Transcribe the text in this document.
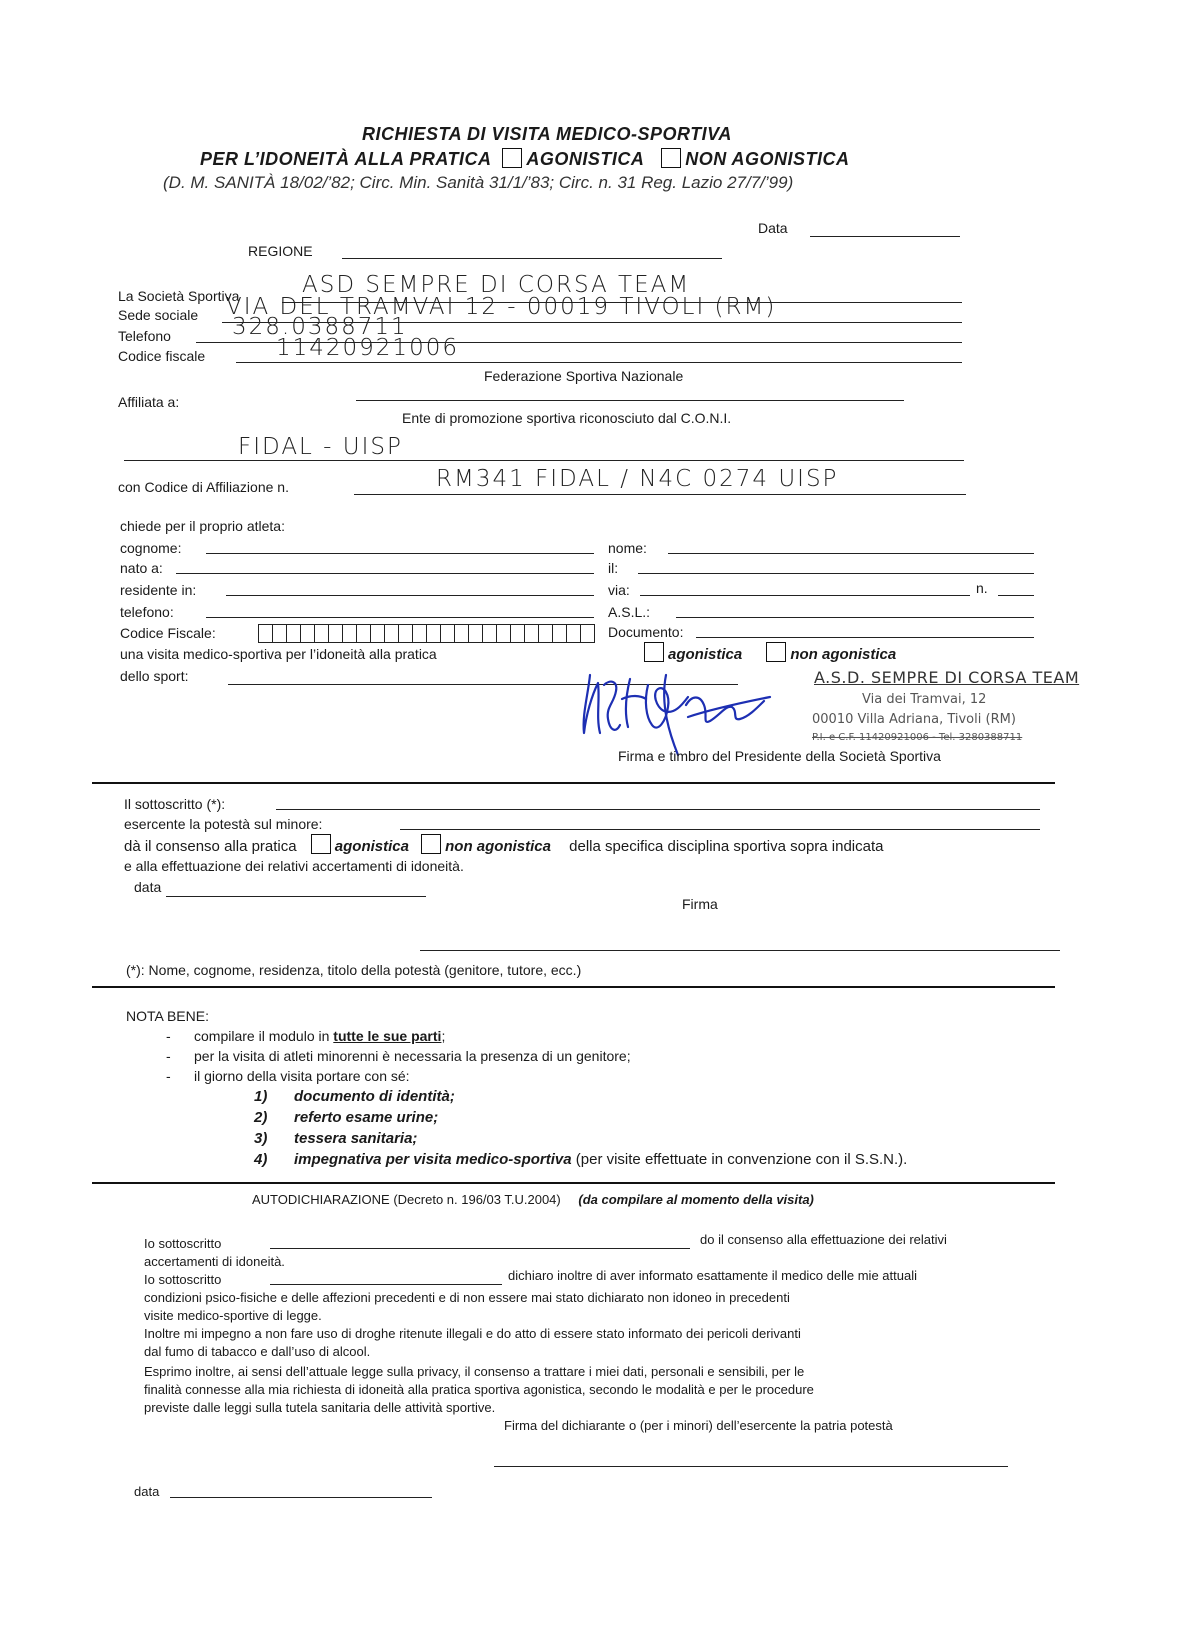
RICHIESTA DI VISITA MEDICO-SPORTIVA
PER L’IDONEITÀ ALLA PRATICA AGONISTICA NON AGONISTICA
(D. M. SANITÀ 18/02/’82; Circ. Min. Sanità 31/1/’83; Circ. n. 31 Reg. Lazio 27/7/’99)
Data
REGIONE
La Società Sportiva	ASD SEMPRE DI CORSA TEAM
Sede sociale VIA DEL TRAMVAI 12 - 00019 TIVOLI (RM)
Telefono	328.0388711
Codice fiscale	11420921006
Federazione Sportiva Nazionale
Affiliata a:
Ente di promozione sportiva riconosciuto dal C.O.N.I.
FIDAL - UISP
con Codice di Affiliazione n.	RM341 FIDAL / N4C 0274 UISP
chiede per il proprio atleta:
cognome:	nome:
nato a:	il:
residente in:	via:	n.
telefono:	A.S.L.:
Codice Fiscale:	Documento:
una visita medico-sportiva per l’idoneità alla pratica	agonistica	non agonistica
dello sport:	A.S.D. SEMPRE DI CORSA TEAM
Via dei Tramvai, 12
00010 Villa Adriana, Tivoli (RM)
P.I. e C.F. 11420921006 - Tel. 3280388711
Firma e timbro del Presidente della Società Sportiva
Il sottoscritto (*):
esercente la potestà sul minore:
dà il consenso alla pratica	agonistica non agonistica della specifica disciplina sportiva sopra indicata
e alla effettuazione dei relativi accertamenti di idoneità.
data
Firma
(*): Nome, cognome, residenza, titolo della potestà (genitore, tutore, ecc.)
NOTA BENE:
-      compilare il modulo in tutte le sue parti;
-      per la visita di atleti minorenni è necessaria la presenza di un genitore;
-      il giorno della visita portare con sé:
1) documento di identità;
2) referto esame urine;
3) tessera sanitaria;
4) impegnativa per visita medico-sportiva (per visite effettuate in convenzione con il S.S.N.).
AUTODICHIARAZIONE (Decreto n. 196/03 T.U.2004) (da compilare al momento della visita)
Io sottoscritto	do il consenso alla effettuazione dei relativi
accertamenti di idoneità.
Io sottoscritto	dichiaro inoltre di aver informato esattamente il medico delle mie attuali
condizioni psico-fisiche e delle affezioni precedenti e di non essere mai stato dichiarato non idoneo in precedenti
visite medico-sportive di legge.
Inoltre mi impegno a non fare uso di droghe ritenute illegali e do atto di essere stato informato dei pericoli derivanti
dal fumo di tabacco e dall’uso di alcool.
Esprimo inoltre, ai sensi dell’attuale legge sulla privacy, il consenso a trattare i miei dati, personali e sensibili, per le
finalità connesse alla mia richiesta di idoneità alla pratica sportiva agonistica, secondo le modalità e per le procedure
previste dalle leggi sulla tutela sanitaria delle attività sportive.
Firma del dichiarante o (per i minori) dell’esercente la patria potestà
data
